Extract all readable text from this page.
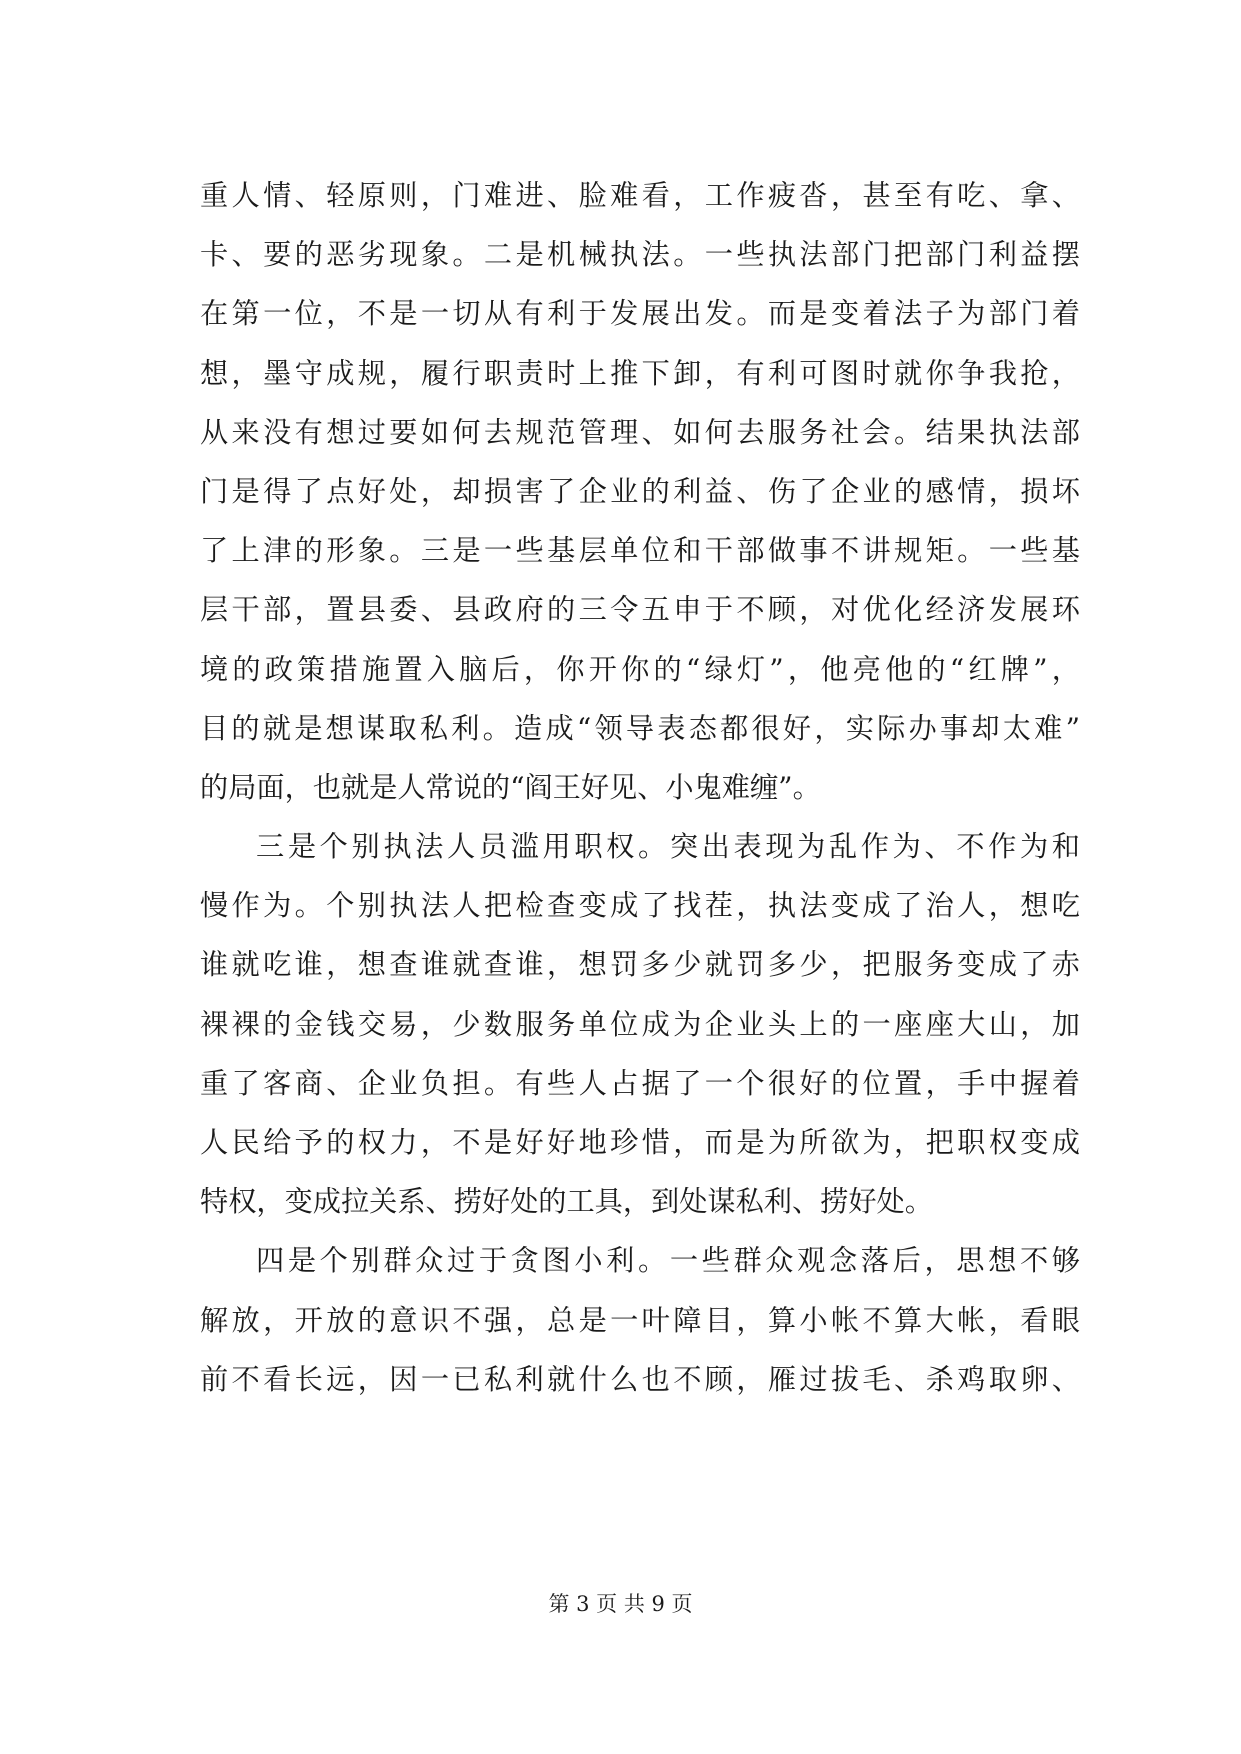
重人情、轻原则，门难进、脸难看，工作疲沓，甚至有吃、拿、
卡、要的恶劣现象。二是机械执法。一些执法部门把部门利益摆
在第一位，不是一切从有利于发展出发。而是变着法子为部门着
想，墨守成规，履行职责时上推下卸，有利可图时就你争我抢，
从来没有想过要如何去规范管理、如何去服务社会。结果执法部
门是得了点好处，却损害了企业的利益、伤了企业的感情，损坏
了上津的形象。三是一些基层单位和干部做事不讲规矩。一些基
层干部，置县委、县政府的三令五申于不顾，对优化经济发展环
境的政策措施置入脑后，你开你的“绿灯”，他亮他的“红牌”，
目的就是想谋取私利。造成“领导表态都很好，实际办事却太难”
的局面，也就是人常说的“阎王好见、小鬼难缠”。
三是个别执法人员滥用职权。突出表现为乱作为、不作为和
慢作为。个别执法人把检查变成了找茬，执法变成了治人，想吃
谁就吃谁，想查谁就查谁，想罚多少就罚多少，把服务变成了赤
裸裸的金钱交易，少数服务单位成为企业头上的一座座大山，加
重了客商、企业负担。有些人占据了一个很好的位置，手中握着
人民给予的权力，不是好好地珍惜，而是为所欲为，把职权变成
特权，变成拉关系、捞好处的工具，到处谋私利、捞好处。
四是个别群众过于贪图小利。一些群众观念落后，思想不够
解放，开放的意识不强，总是一叶障目，算小帐不算大帐，看眼
前不看长远，因一已私利就什么也不顾，雁过拔毛、杀鸡取卵、
第 3 页 共 9 页
